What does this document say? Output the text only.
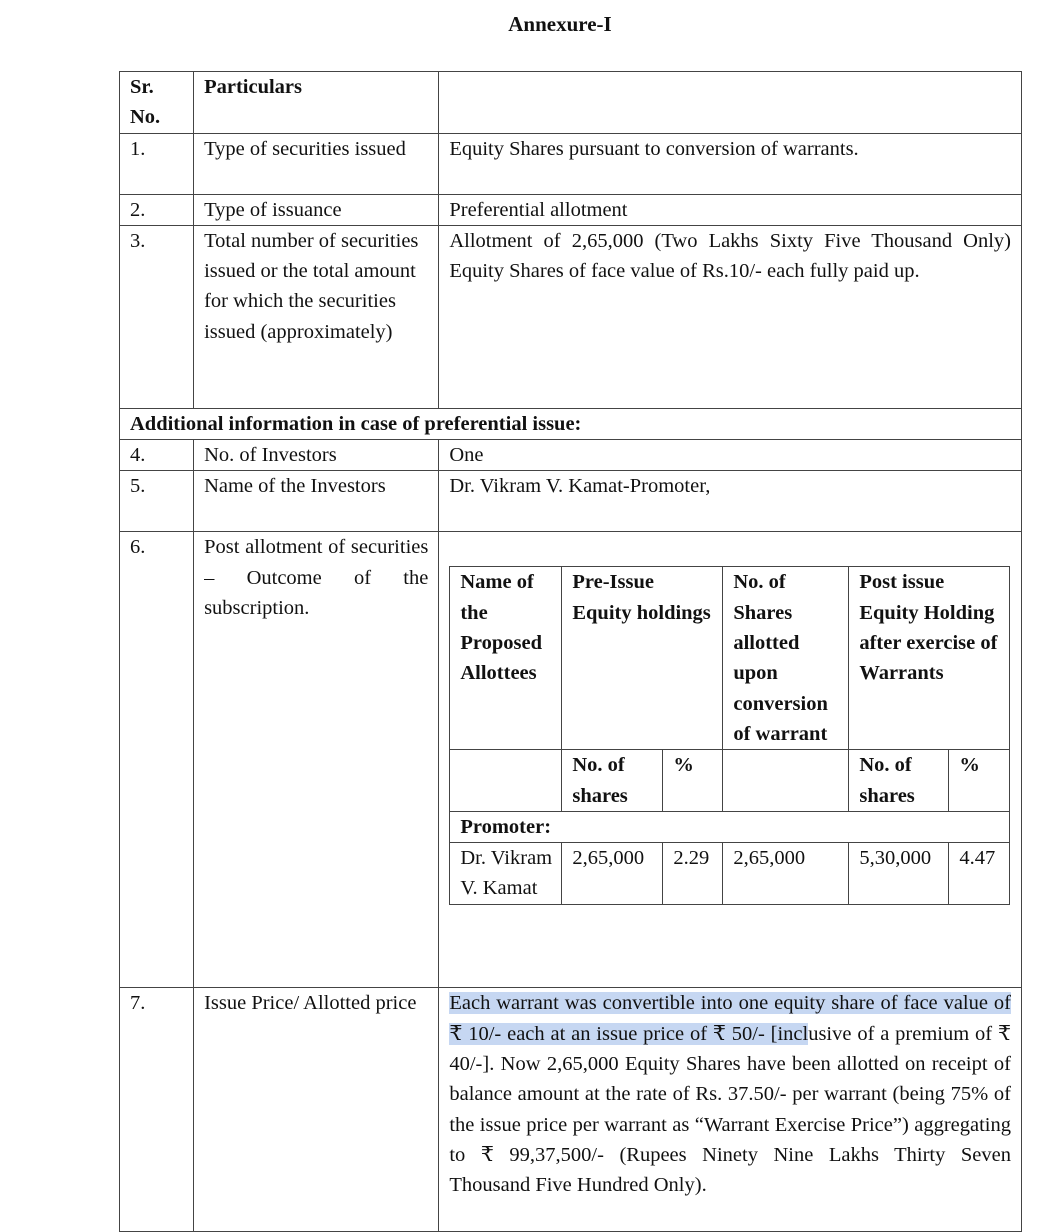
Annexure-I
Sr. No.	Particulars	
1.	Type of securities issued	Equity Shares pursuant to conversion of warrants.
2.	Type of issuance	Preferential allotment
3.	Total number of securities issued or the total amount for which the securities issued (approximately)	Allotment of 2,65,000 (Two Lakhs Sixty Five Thousand Only) Equity Shares of face value of Rs.10/- each fully paid up.
Additional information in case of preferential issue:
4.	No. of Investors	One
5.	Name of the Investors	Dr. Vikram V. Kamat-Promoter,
6.	Post allotment of securities – Outcome of the subscription.	
Name of the Proposed Allottees	Pre-Issue Equity holdings	No. of Shares allotted upon conversion of warrant	Post issue Equity Holding after exercise of Warrants
	No. of shares	%		No. of shares	%
Promoter:
Dr. Vikram V. Kamat	2,65,000	2.29	2,65,000	5,30,000	4.47

7.	Issue Price/ Allotted price	Each warrant was convertible into one equity share of face value of ₹ 10/- each at an issue price of ₹ 50/- [inclusive of a premium of ₹ 40/-]. Now 2,65,000 Equity Shares have been allotted on receipt of balance amount at the rate of Rs. 37.50/- per warrant (being 75% of the issue price per warrant as “Warrant Exercise Price”) aggregating to ₹ 99,37,500/- (Rupees Ninety Nine Lakhs Thirty Seven Thousand Five Hundred Only).
